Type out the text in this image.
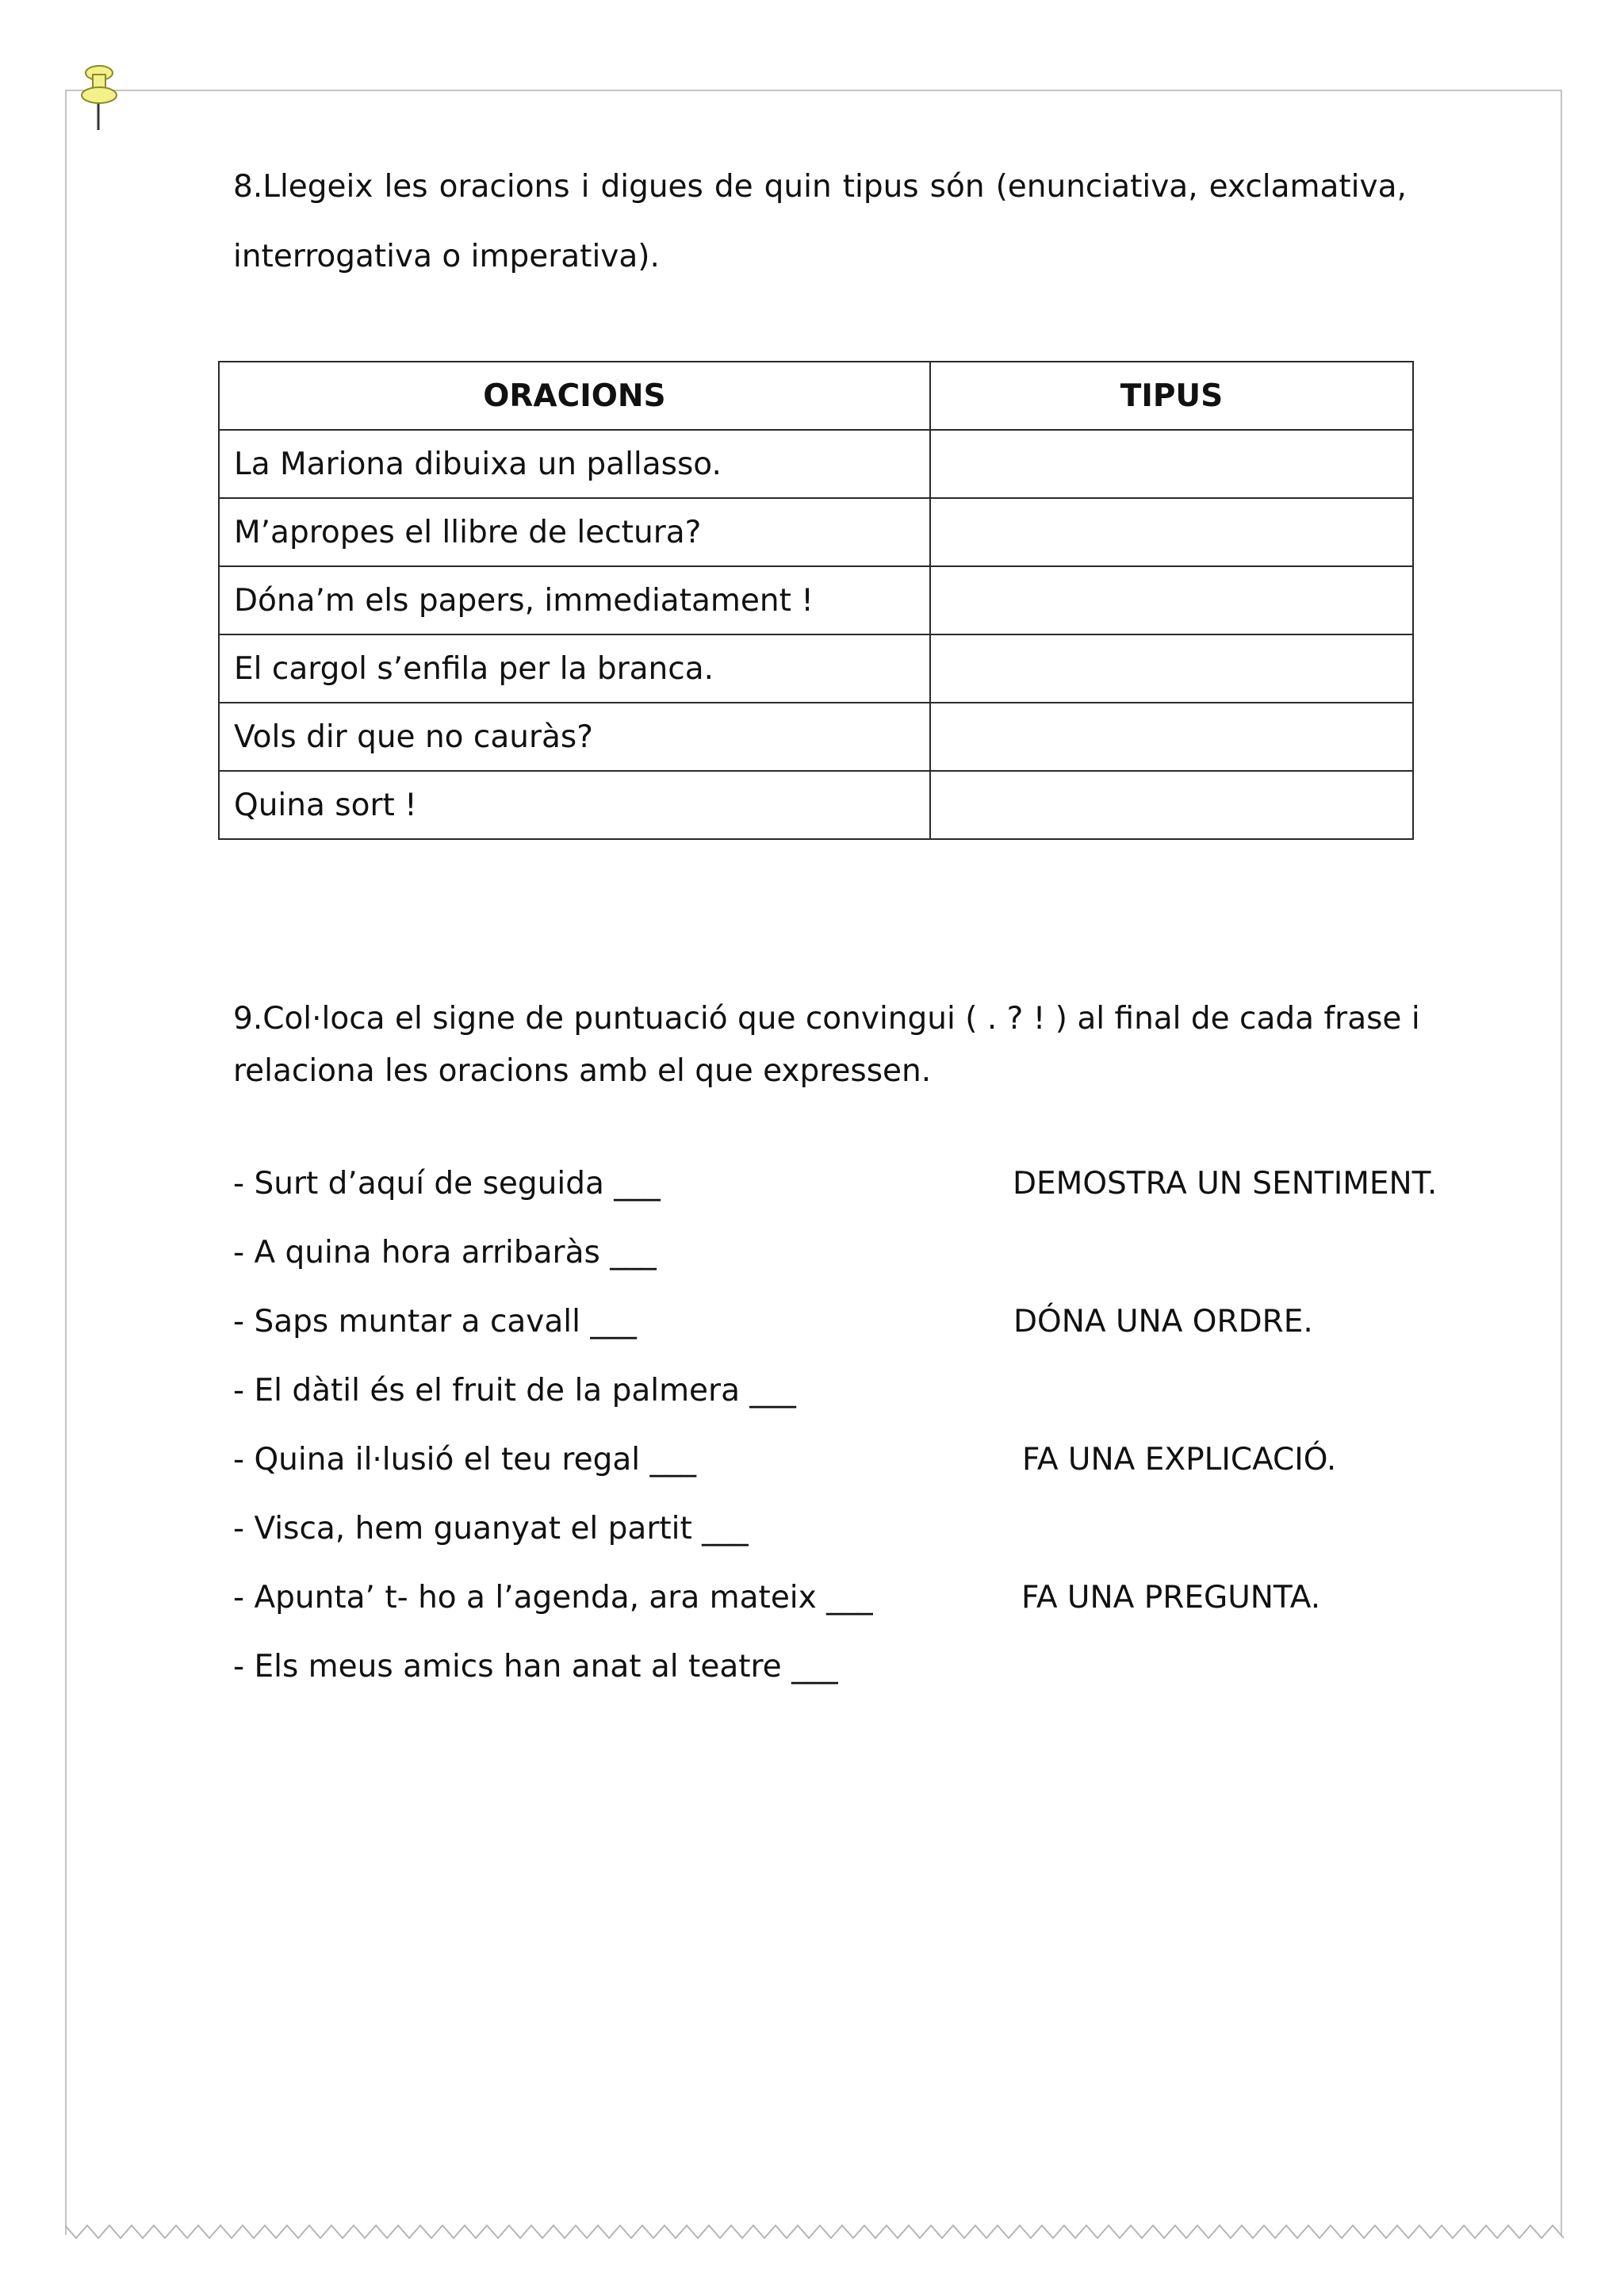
8.Llegeix les oracions i digues de quin tipus són (enunciativa, exclamativa,
interrogativa o imperativa).
ORACIONS	TIPUS
La Mariona dibuixa un pallasso.	
M’apropes el llibre de lectura?	
Dóna’m els papers, immediatament !	
El cargol s’enfila per la branca.	
Vols dir que no cauràs?	
Quina sort !	
9.Col·loca el signe de puntuació que convingui ( . ? ! ) al final de cada frase i
relaciona les oracions amb el que expressen.
- Surt d’aquí de seguida ___
- A quina hora arribaràs ___
- Saps muntar a cavall ___
- El dàtil és el fruit de la palmera ___
- Quina il·lusió el teu regal ___
- Visca, hem guanyat el partit ___
- Apunta’ t- ho a l’agenda, ara mateix ___
- Els meus amics han anat al teatre ___
DEMOSTRA UN SENTIMENT.
DÓNA UNA ORDRE.
FA UNA EXPLICACIÓ.
FA UNA PREGUNTA.
